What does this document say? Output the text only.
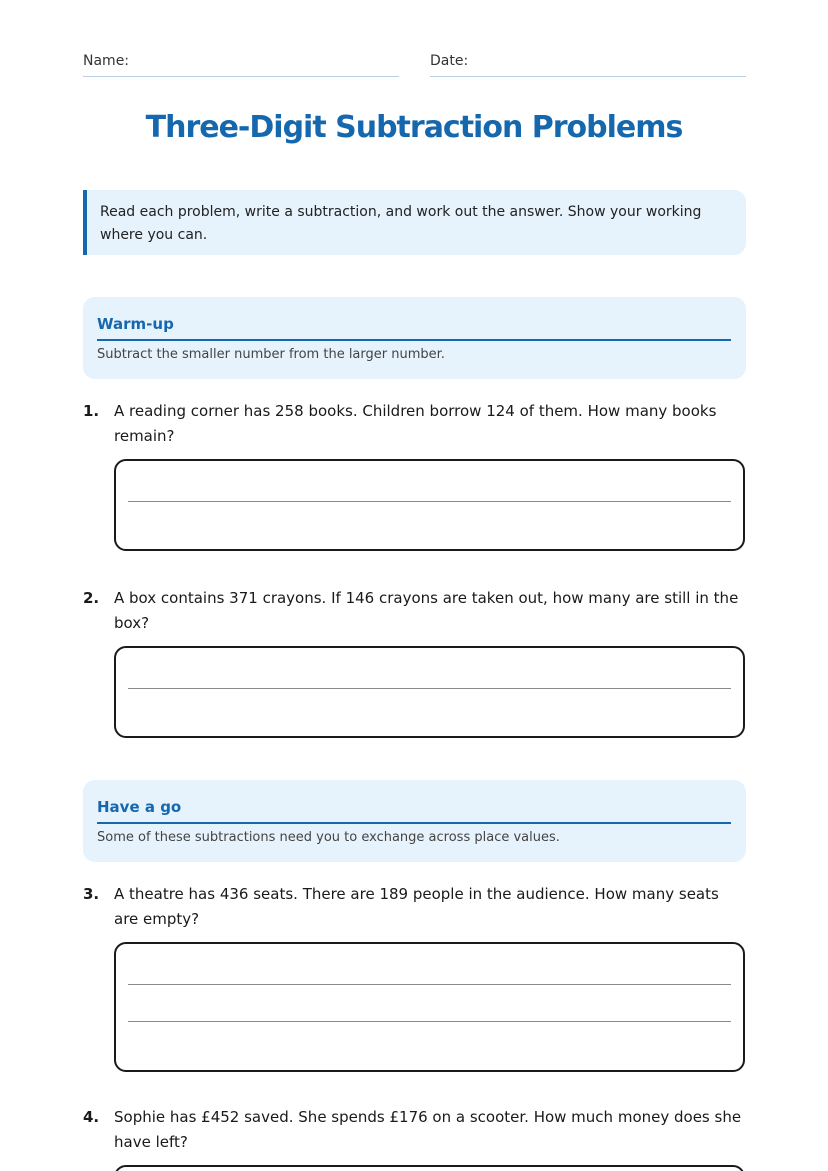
Name:	Date:
Three-Digit Subtraction Problems
Read each problem, write a subtraction, and work out the answer. Show your working where you can.
Warm-up
Subtract the smaller number from the larger number.
1. A reading corner has 258 books. Children borrow 124 of them. How many books remain?

2. A box contains 371 crayons. If 146 crayons are taken out, how many are still in the box?

Have a go
Some of these subtractions need you to exchange across place values.
3. A theatre has 436 seats. There are 189 people in the audience. How many seats are empty?

4. Sophie has £452 saved. She spends £176 on a scooter. How much money does she have left?
